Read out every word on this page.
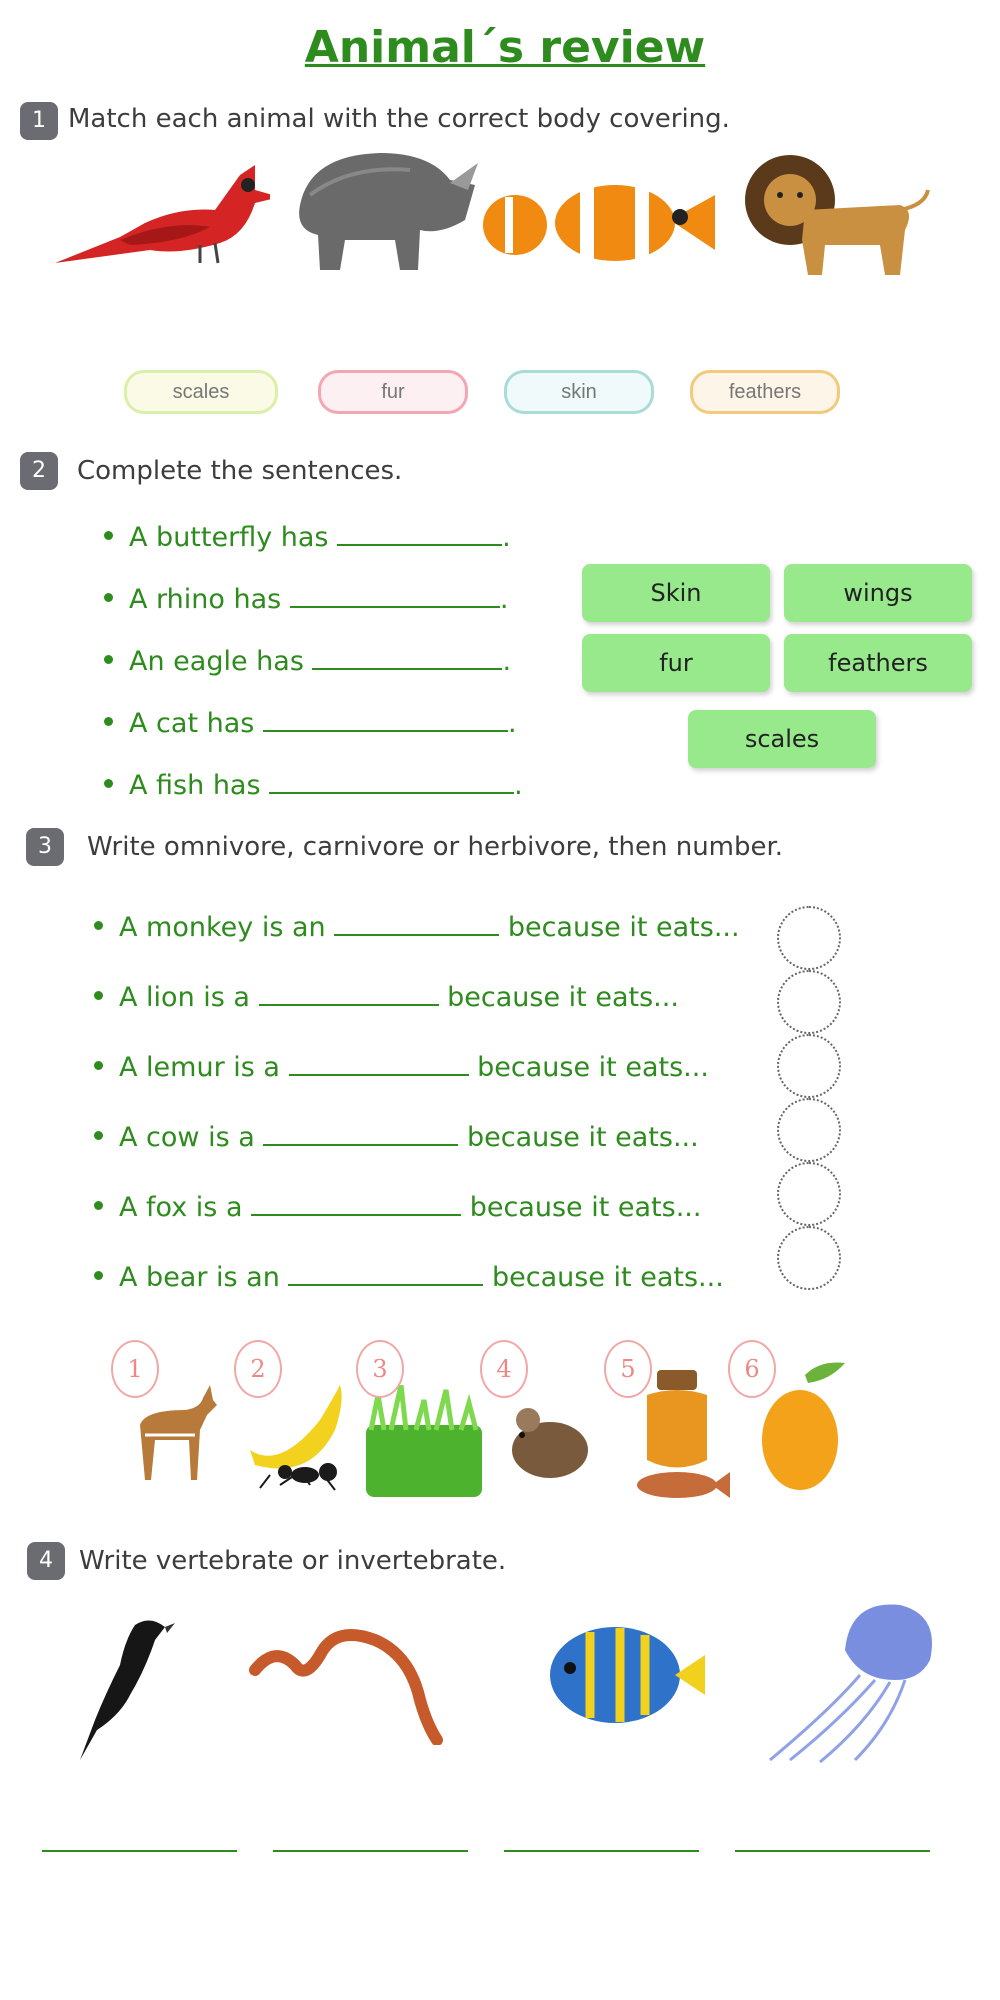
Animal´s review
1 Match each animal with the correct body covering.
scales	fur	skin	feathers
2	Complete the sentences.
A butterfly has	.
A rhino has	.
An eagle has	.
A cat has	.
A fish has	.
Skin	wings
fur	feathers
scales
3	Write omnivore, carnivore or herbivore, then number.
A monkey is an	because it eats...
A lion is a	because it eats...
A lemur is a	because it eats...
A cow is a	because it eats...
A fox is a	because it eats...
A bear is an	because it eats...
1	2	3	4	5	6
4	Write vertebrate or invertebrate.
